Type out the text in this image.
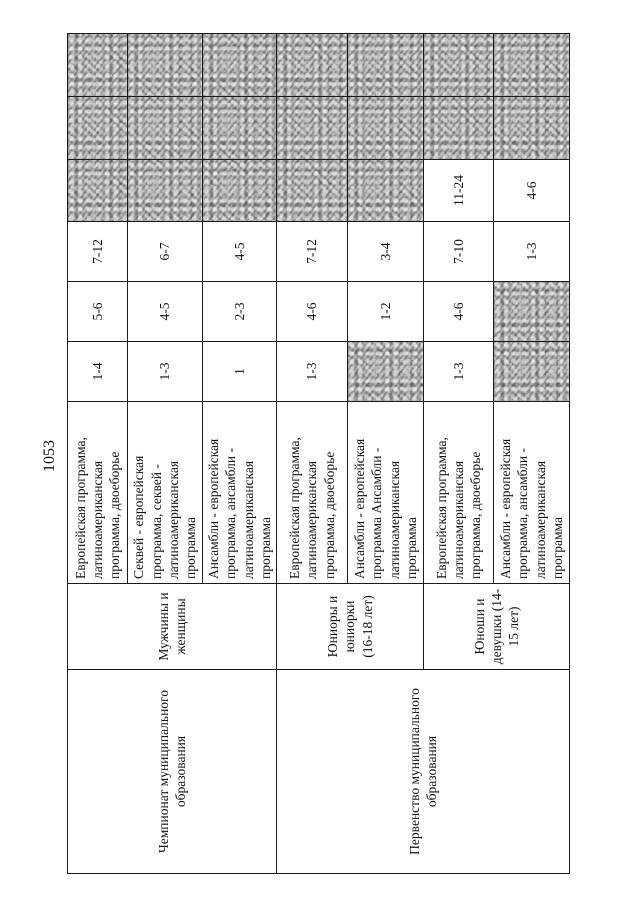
1053
Чемпионат муниципального образования	Мужчины и женщины	Европейская программа, латиноамериканская программа, двоеборье	1-4	5-6	7-12			
		Секвей - европейская программа, секвей - латиноамериканская программа	1-3	4-5	6-7			
		Ансамбли - европейская программа, ансамбли - латиноамериканская программа	1	2-3	4-5			
Первенство муниципального образования	Юниоры и юниорки (16-18 лет)	Европейская программа, латиноамериканская программа, двоеборье	1-3	4-6	7-12			
		Ансамбли - европейская программа Ансамбли - латиноамериканская программа		1-2	3-4			
	Юноши и девушки (14-15 лет)	Европейская программа, латиноамериканская программа, двоеборье	1-3	4-6	7-10	11-24		
		Ансамбли - европейская программа, ансамбли - латиноамериканская программа			1-3	4-6		
